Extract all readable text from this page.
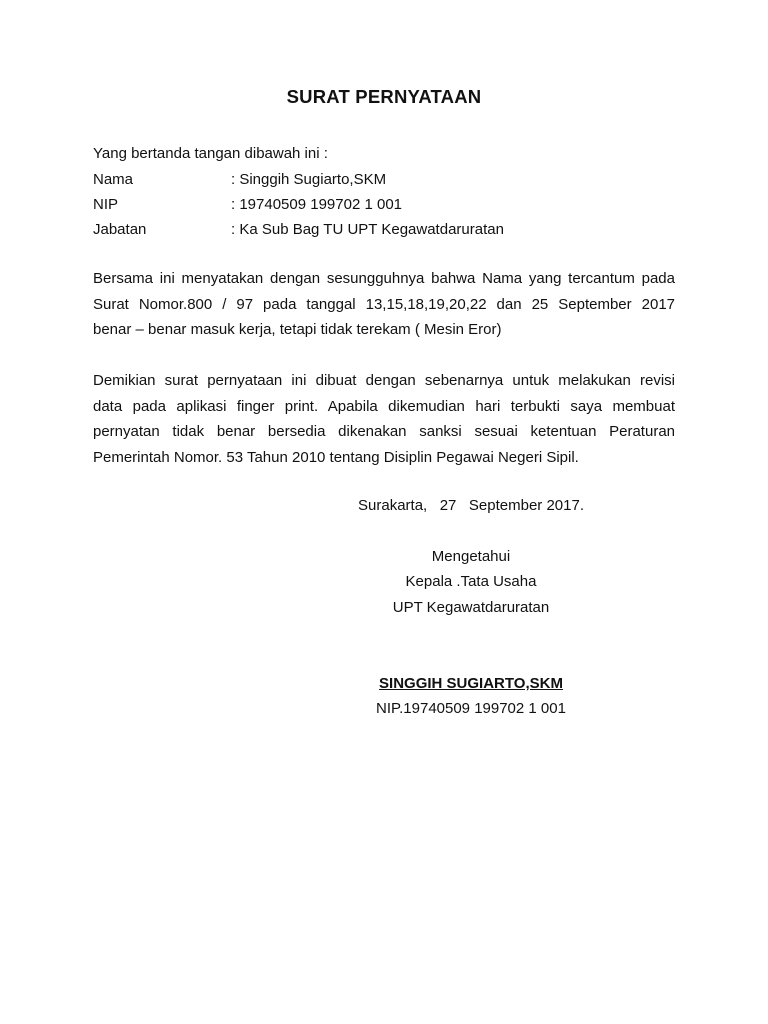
SURAT PERNYATAAN
Yang bertanda tangan dibawah ini :
Nama	: Singgih Sugiarto,SKM
NIP	: 19740509 199702 1 001
Jabatan	: Ka Sub Bag TU UPT Kegawatdaruratan
Bersama ini menyatakan dengan sesungguhnya bahwa Nama yang tercantum pada
Surat Nomor.800 / 97 pada tanggal 13,15,18,19,20,22 dan 25 September 2017
benar – benar masuk kerja, tetapi tidak terekam ( Mesin Eror)
Demikian surat pernyataan ini dibuat dengan sebenarnya untuk melakukan revisi
data pada aplikasi finger print. Apabila dikemudian hari terbukti saya membuat
pernyatan tidak benar bersedia dikenakan sanksi sesuai ketentuan Peraturan
Pemerintah Nomor. 53 Tahun 2010 tentang Disiplin Pegawai Negeri Sipil.
Surakarta,   27   September 2017.
Mengetahui
Kepala .Tata Usaha
UPT Kegawatdaruratan
SINGGIH SUGIARTO,SKM
NIP.19740509 199702 1 001
